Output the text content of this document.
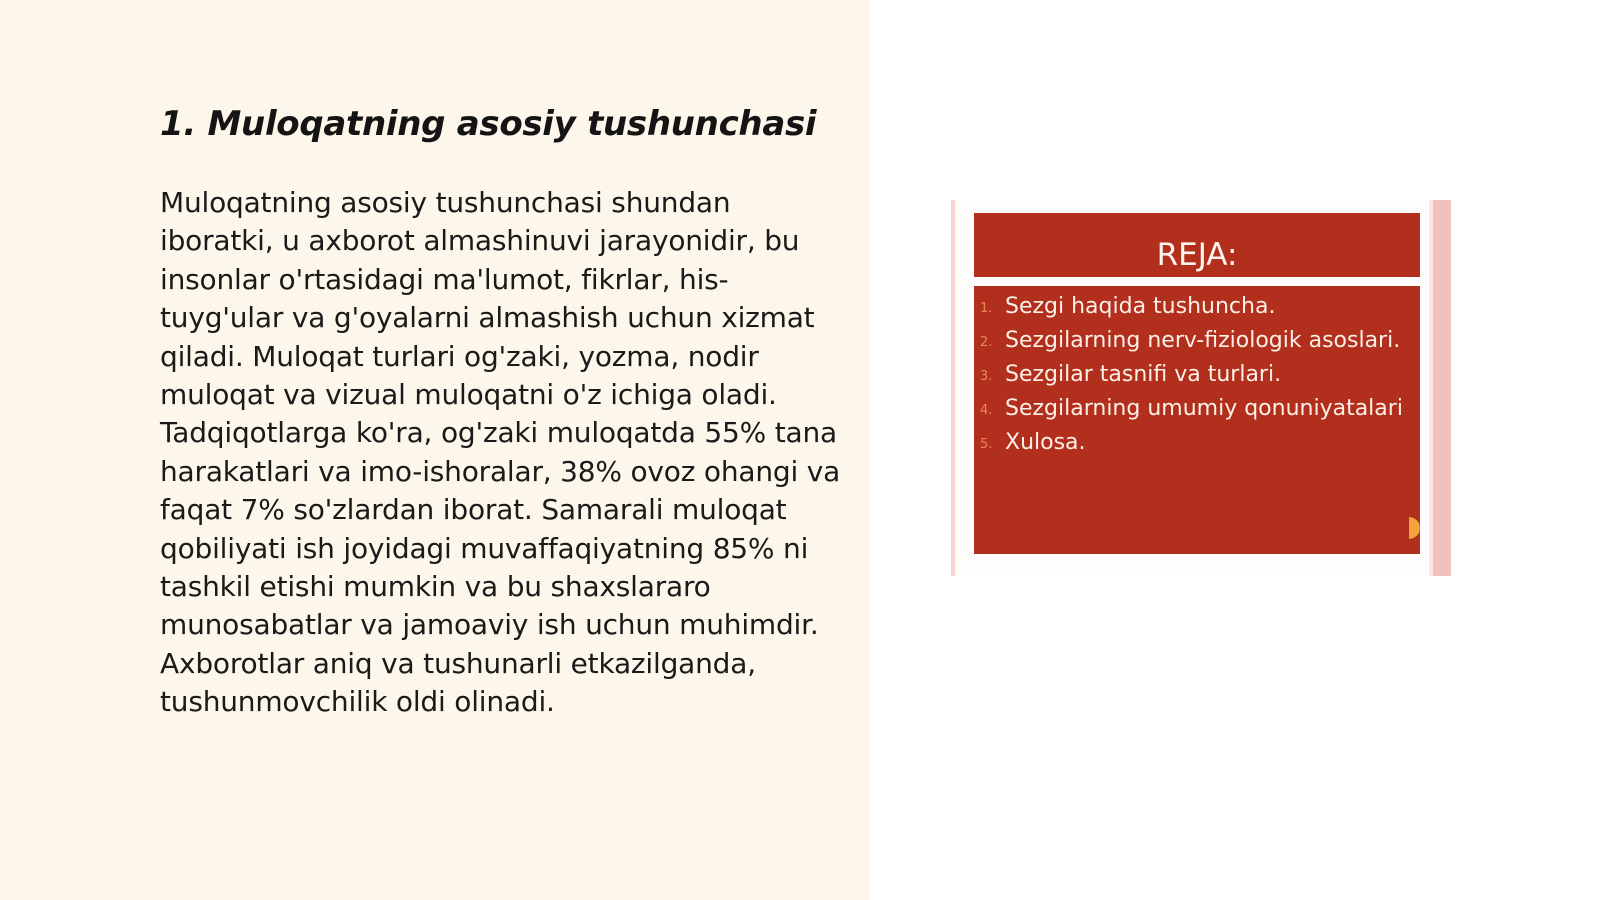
1. Muloqatning asosiy tushunchasi

Muloqatning asosiy tushunchasi shundan iboratki, u axborot almashinuvi jarayonidir, bu insonlar o'rtasidagi ma'lumot, fikrlar, his-tuyg'ular va g'oyalarni almashish uchun xizmat qiladi. Muloqat turlari og'zaki, yozma, nodir muloqat va vizual muloqatni o'z ichiga oladi. Tadqiqotlarga ko'ra, og'zaki muloqatda 55% tana harakatlari va imo-ishoralar, 38% ovoz ohangi va faqat 7% so'zlardan iborat. Samarali muloqat qobiliyati ish joyidagi muvaffaqiyatning 85% ni tashkil etishi mumkin va bu shaxslararo munosabatlar va jamoaviy ish uchun muhimdir. Axborotlar aniq va tushunarli etkazilganda, tushunmovchilik oldi olinadi.

REJA:
1. Sezgi haqida tushuncha.
2. Sezgilarning nerv-fiziologik asoslari.
3. Sezgilar tasnifi va turlari.
4. Sezgilarning umumiy qonuniyatalari
5. Xulosa.
